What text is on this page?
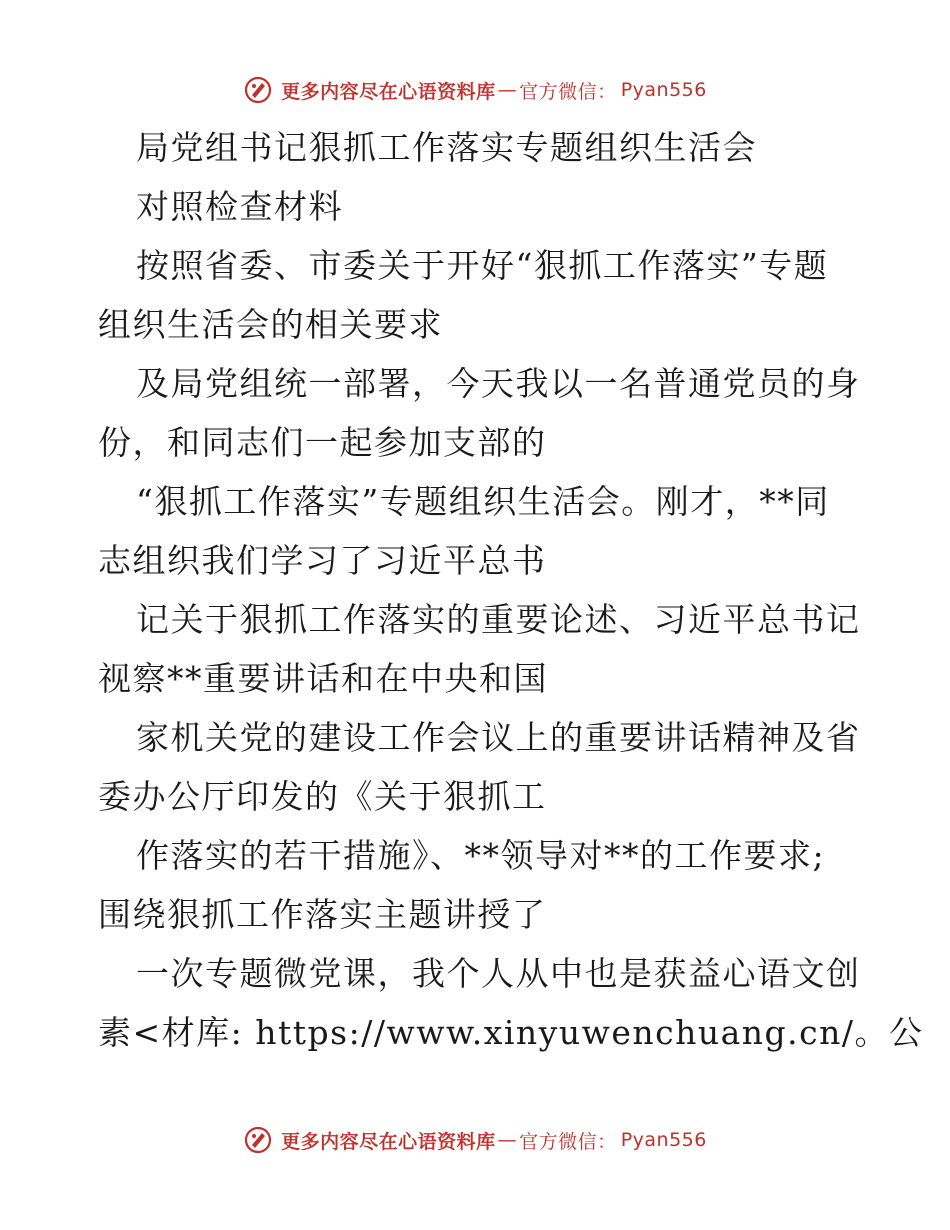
更多内容尽在心语资料库 — 官方微信： Pyan556
局党组书记狠抓工作落实专题组织生活会
对照检查材料
按照省委、市委关于开好“狠抓工作落实”专题
组织生活会的相关要求
及局党组统一部署，今天我以一名普通党员的身
份，和同志们一起参加支部的
“狠抓工作落实”专题组织生活会。刚才，**同
志组织我们学习了习近平总书
记关于狠抓工作落实的重要论述、习近平总书记
视察**重要讲话和在中央和国
家机关党的建设工作会议上的重要讲话精神及省
委办公厅印发的《关于狠抓工
作落实的若干措施》、**领导对**的工作要求;
围绕狠抓工作落实主题讲授了
一次专题微党课，我个人从中也是获益心语文创
素<材库: https://www.xinyuwenchuang.cn/。公
更多内容尽在心语资料库 — 官方微信： Pyan556
